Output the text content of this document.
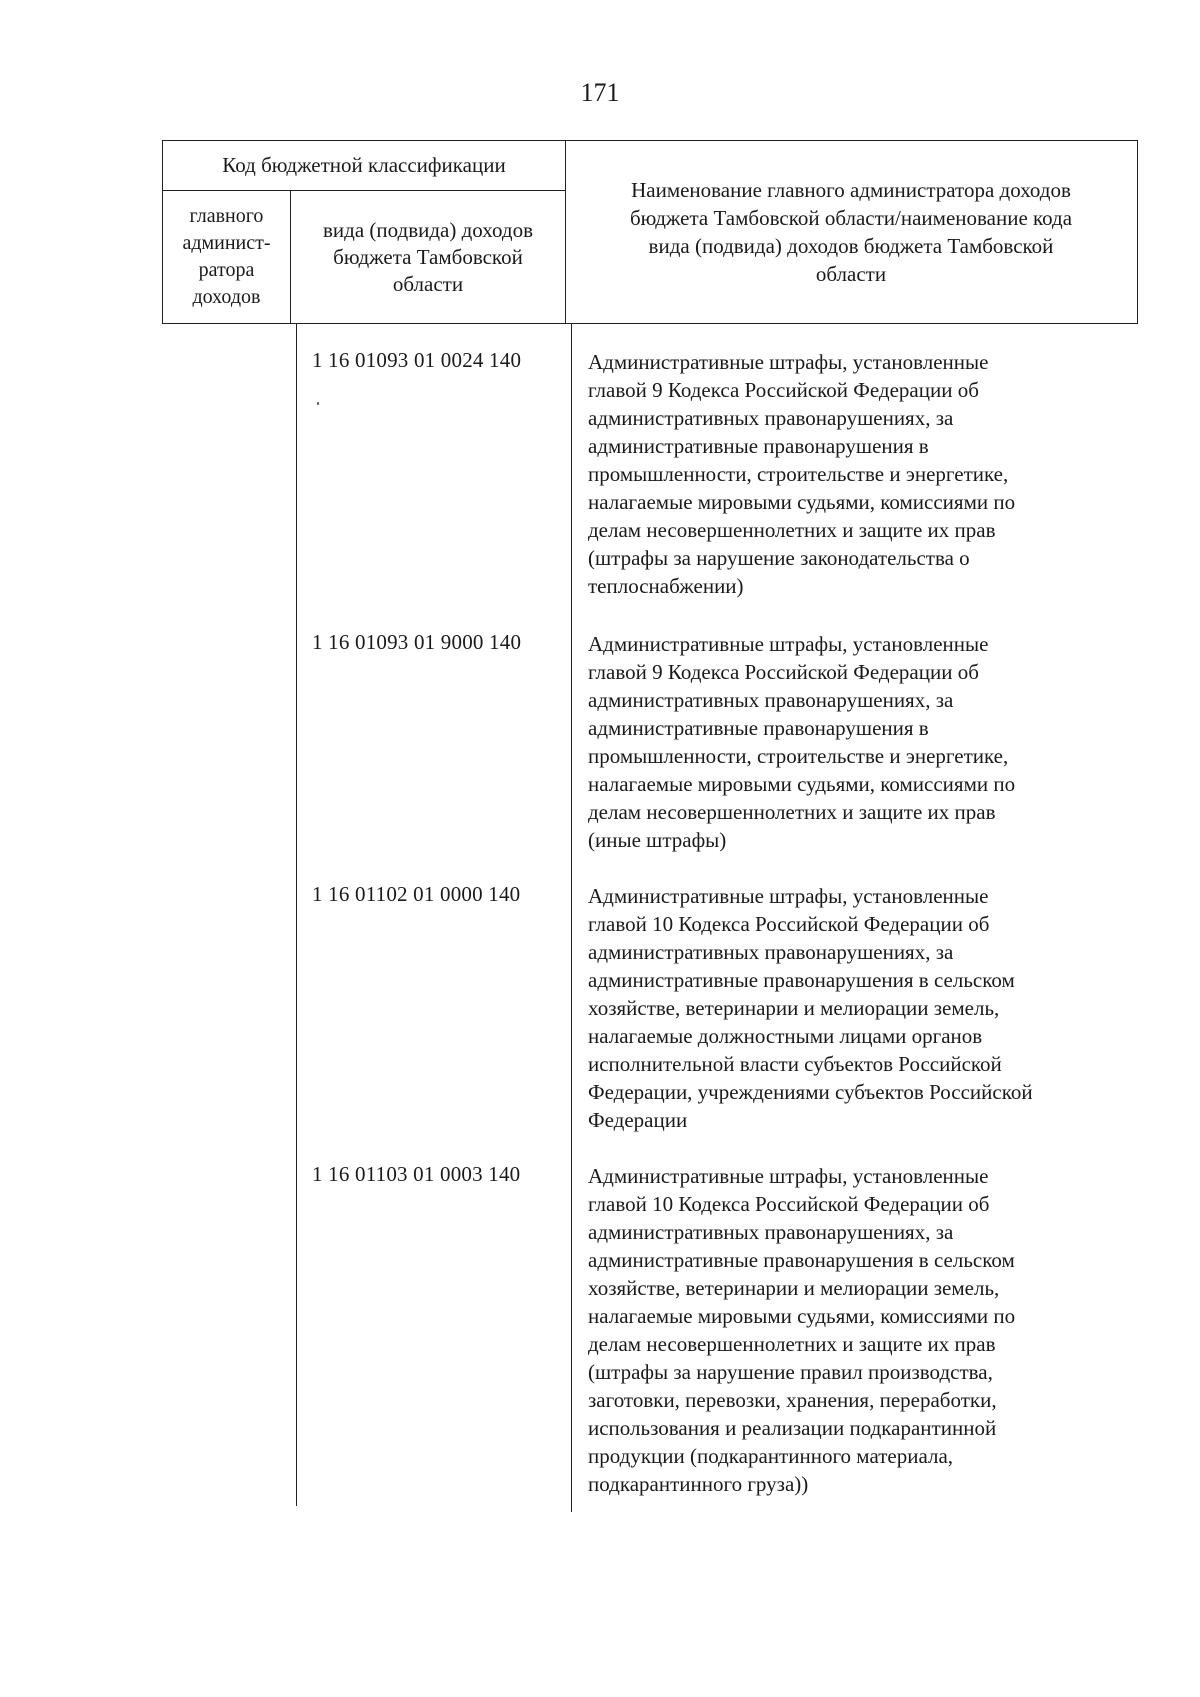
171
Код бюджетной классификации
главного
админист-
ратора
доходов
вида (подвида) доходов
бюджета Тамбовской
области
Наименование главного администратора доходов
бюджета Тамбовской области/наименование кода
вида (подвида) доходов бюджета Тамбовской
области
1 16 01093 01 0024 140	Административные штрафы, установленные
главой 9 Кодекса Российской Федерации об
административных правонарушениях, за
административные правонарушения в
промышленности, строительстве и энергетике,
налагаемые мировыми судьями, комиссиями по
делам несовершеннолетних и защите их прав
(штрафы за нарушение законодательства о
теплоснабжении)
1 16 01093 01 9000 140	Административные штрафы, установленные
главой 9 Кодекса Российской Федерации об
административных правонарушениях, за
административные правонарушения в
промышленности, строительстве и энергетике,
налагаемые мировыми судьями, комиссиями по
делам несовершеннолетних и защите их прав
(иные штрафы)
1 16 01102 01 0000 140	Административные штрафы, установленные
главой 10 Кодекса Российской Федерации об
административных правонарушениях, за
административные правонарушения в сельском
хозяйстве, ветеринарии и мелиорации земель,
налагаемые должностными лицами органов
исполнительной власти субъектов Российской
Федерации, учреждениями субъектов Российской
Федерации
1 16 01103 01 0003 140	Административные штрафы, установленные
главой 10 Кодекса Российской Федерации об
административных правонарушениях, за
административные правонарушения в сельском
хозяйстве, ветеринарии и мелиорации земель,
налагаемые мировыми судьями, комиссиями по
делам несовершеннолетних и защите их прав
(штрафы за нарушение правил производства,
заготовки, перевозки, хранения, переработки,
использования и реализации подкарантинной
продукции (подкарантинного материала,
подкарантинного груза))
